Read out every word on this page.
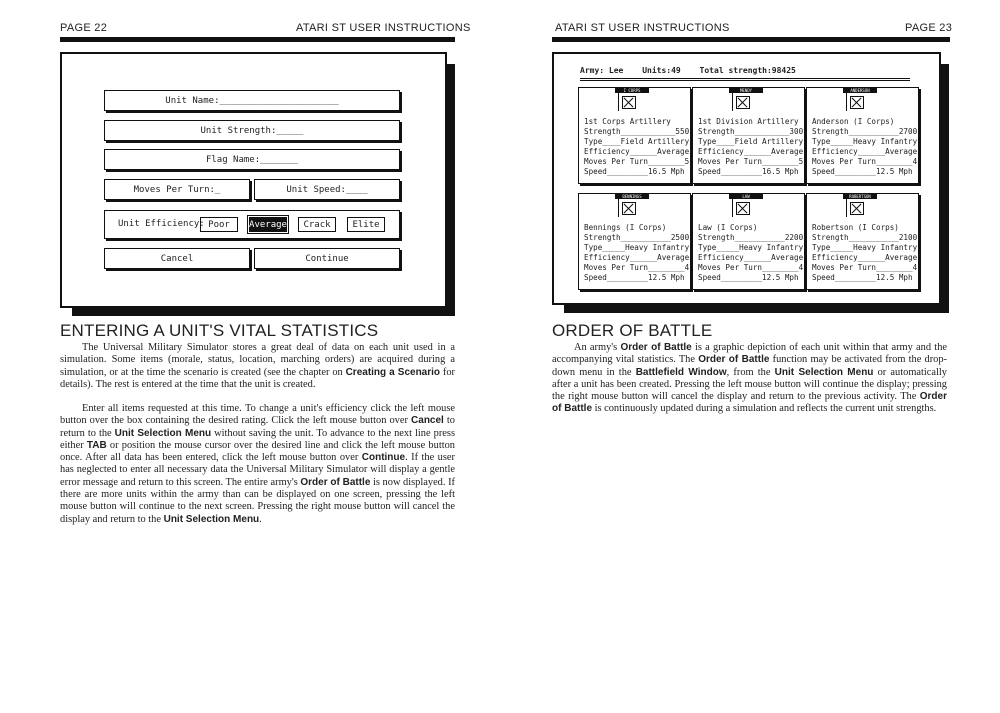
PAGE 22	ATARI ST USER INSTRUCTIONS
Unit Name:______________________
Unit Strength:_____
Flag Name:_______
Moves Per Turn:_	Unit Speed:____
Unit Efficiency: Poor	Average	Crack	Elite
Cancel	Continue
ENTERING A UNIT'S VITAL STATISTICS
The Universal Military Simulator stores a great deal of data on each unit used in a simulation. Some items (morale, status, location, marching orders) are acquired during a simulation, or at the time the scenario is created (see the chapter on Creating a Scenario for details). The rest is entered at the time that the unit is created.
Enter all items requested at this time. To change a unit's efficiency click the left mouse button over the box containing the desired rating. Click the left mouse button over Cancel to return to the Unit Selection Menu without saving the unit. To advance to the next line press either TAB or position the mouse cursor over the desired line and click the left mouse button once. After all data has been entered, click the left mouse button over Continue. If the user has neglected to enter all necessary data the Universal Military Simulator will display a gentle error message and return to this screen. The entire army's Order of Battle is now displayed. If there are more units within the army than can be displayed on one screen, pressing the left mouse button will continue to the next screen. Pressing the right mouse button will cancel the display and return to the Unit Selection Menu.
ATARI ST USER INSTRUCTIONS	PAGE 23
Army: Lee Units:49 Total strength:98425
I CORPS
1st Corps Artillery
Strength____________550
Type____Field Artillery
Efficiency______Average
Moves Per Turn________5
Speed_________16.5 Mph
MENDY
1st Division Artillery
Strength____________300
Type____Field Artillery
Efficiency______Average
Moves Per Turn________5
Speed_________16.5 Mph
ANDERSON
Anderson (I Corps)
Strength___________2700
Type_____Heavy Infantry
Efficiency______Average
Moves Per Turn________4
Speed_________12.5 Mph
BENNINGS
Bennings (I Corps)
Strength___________2500
Type_____Heavy Infantry
Efficiency______Average
Moves Per Turn________4
Speed_________12.5 Mph
LAW
Law (I Corps)
Strength___________2200
Type_____Heavy Infantry
Efficiency______Average
Moves Per Turn________4
Speed_________12.5 Mph
ROBERTSON
Robertson (I Corps)
Strength___________2100
Type_____Heavy Infantry
Efficiency______Average
Moves Per Turn________4
Speed_________12.5 Mph
ORDER OF BATTLE
An army's Order of Battle is a graphic depiction of each unit within that army and the accompanying vital statistics. The Order of Battle function may be activated from the drop-down menu in the Battlefield Window, from the Unit Selection Menu or automatically after a unit has been created. Pressing the left mouse button will continue the display; pressing the right mouse button will cancel the display and return to the previous activity. The Order of Battle is continuously updated during a simulation and reflects the current unit strengths.
